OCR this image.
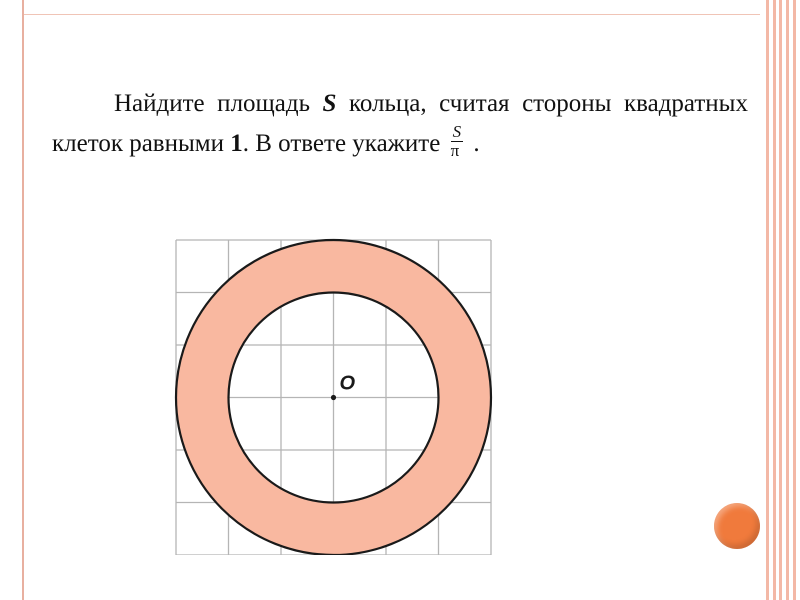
Найдите площадь S кольца, считая стороны квадратных клеток равными 1. В ответе укажите $\frac{S}{\pi}$ .
O
